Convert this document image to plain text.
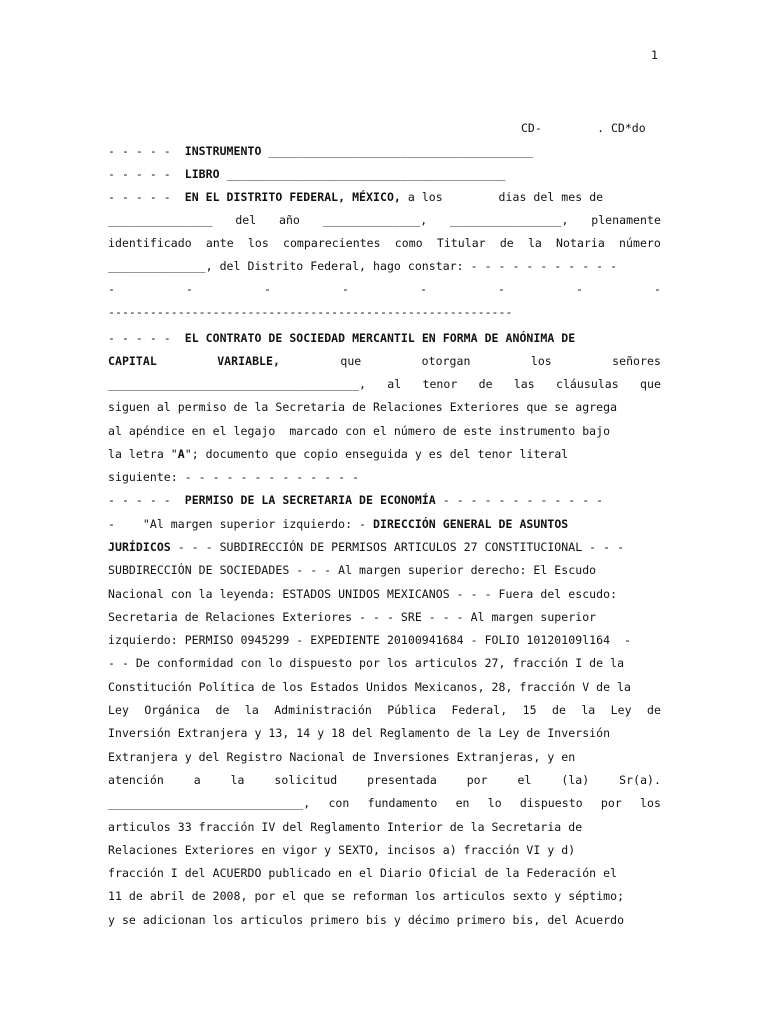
1
CD-        . CD*do
- - - - -  INSTRUMENTO ______________________________________
- - - - -  LIBRO ________________________________________
- - - - -  EN EL DISTRITO FEDERAL, MÉXICO, a los        dias del mes de
_______________ del año ______________, ________________, plenamente
identificado ante los comparecientes como Titular de la Notaria número
______________, del Distrito Federal, hago constar: - - - - - - - - - - -
-	-	-	-	-	-	-	-
----------------------------------------------------------
- - - - -  EL CONTRATO DE SOCIEDAD MERCANTIL EN FORMA DE ANÓNIMA DE
CAPITAL	VARIABLE,	que	otorgan	los	señores
____________________________________, al tenor de las cláusulas que
siguen al permiso de la Secretaria de Relaciones Exteriores que se agrega
al apéndice en el legajo  marcado con el número de este instrumento bajo
la letra "A"; documento que copio enseguida y es del tenor literal
siguiente: - - - - - - - - - - - - -
- - - - -  PERMISO DE LA SECRETARIA DE ECONOMÍA - - - - - - - - - - - -
-    "Al margen superior izquierdo: - DIRECCIÓN GENERAL DE ASUNTOS
JURÍDICOS - - - SUBDIRECCIÓN DE PERMISOS ARTICULOS 27 CONSTITUCIONAL - - -
SUBDIRECCIÓN DE SOCIEDADES - - - Al margen superior derecho: El Escudo
Nacional con la leyenda: ESTADOS UNIDOS MEXICANOS - - - Fuera del escudo:
Secretaria de Relaciones Exteriores - - - SRE - - - Al margen superior
izquierdo: PERMISO 0945299 - EXPEDIENTE 20100941684 - FOLIO 10120109l164  -
- - De conformidad con lo dispuesto por los articulos 27, fracción I de la
Constitución Política de los Estados Unidos Mexicanos, 28, fracción V de la
Ley Orgánica de la Administración Pública Federal, 15 de la Ley de
Inversión Extranjera y 13, 14 y 18 del Reglamento de la Ley de Inversión
Extranjera y del Registro Nacional de Inversiones Extranjeras, y en
atención	a	la	solicitud	presentada	por	el	(la)	Sr(a).
____________________________, con fundamento en lo dispuesto por los
articulos 33 fracción IV del Reglamento Interior de la Secretaria de
Relaciones Exteriores en vigor y SEXTO, incisos a) fracción VI y d)
fracción I del ACUERDO publicado en el Diario Oficial de la Federación el
11 de abril de 2008, por el que se reforman los articulos sexto y séptimo;
y se adicionan los articulos primero bis y décimo primero bis, del Acuerdo
